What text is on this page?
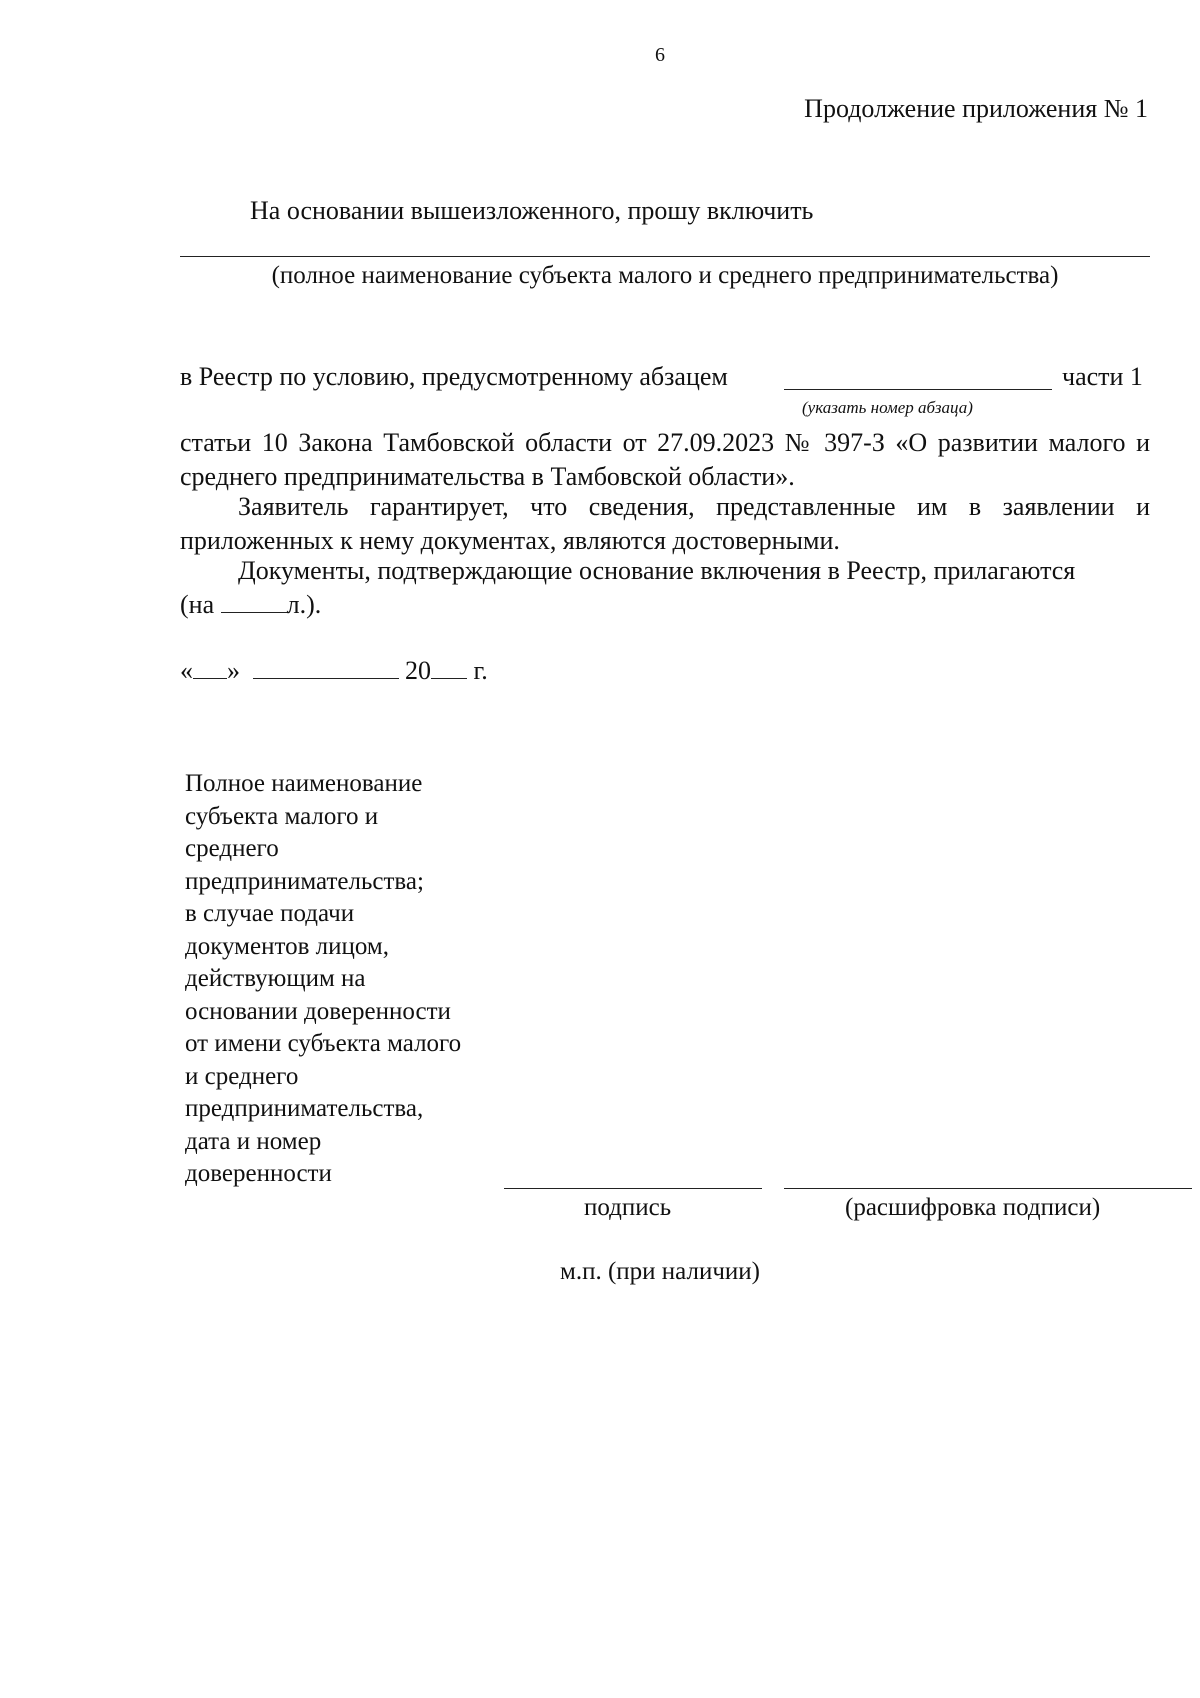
6
Продолжение приложения № 1
На основании вышеизложенного, прошу включить
(полное наименование субъекта малого и среднего предпринимательства)
в Реестр по условию, предусмотренному абзацем	части 1
(указать номер абзаца)
статьи 10 Закона Тамбовской области от 27.09.2023 № 397-З «О развитии малого и среднего предпринимательства в Тамбовской области».
Заявитель гарантирует, что сведения, представленные им в заявлении и приложенных к нему документах, являются достоверными.
Документы, подтверждающие основание включения в Реестр, прилагаются
(на	л.).
« »	20 г.
Полное наименование
субъекта малого и
среднего
предпринимательства;
в случае подачи
документов лицом,
действующим на
основании доверенности
от имени субъекта малого
и среднего
предпринимательства,
дата и номер
доверенности
подпись	(расшифровка подписи)
м.п. (при наличии)
